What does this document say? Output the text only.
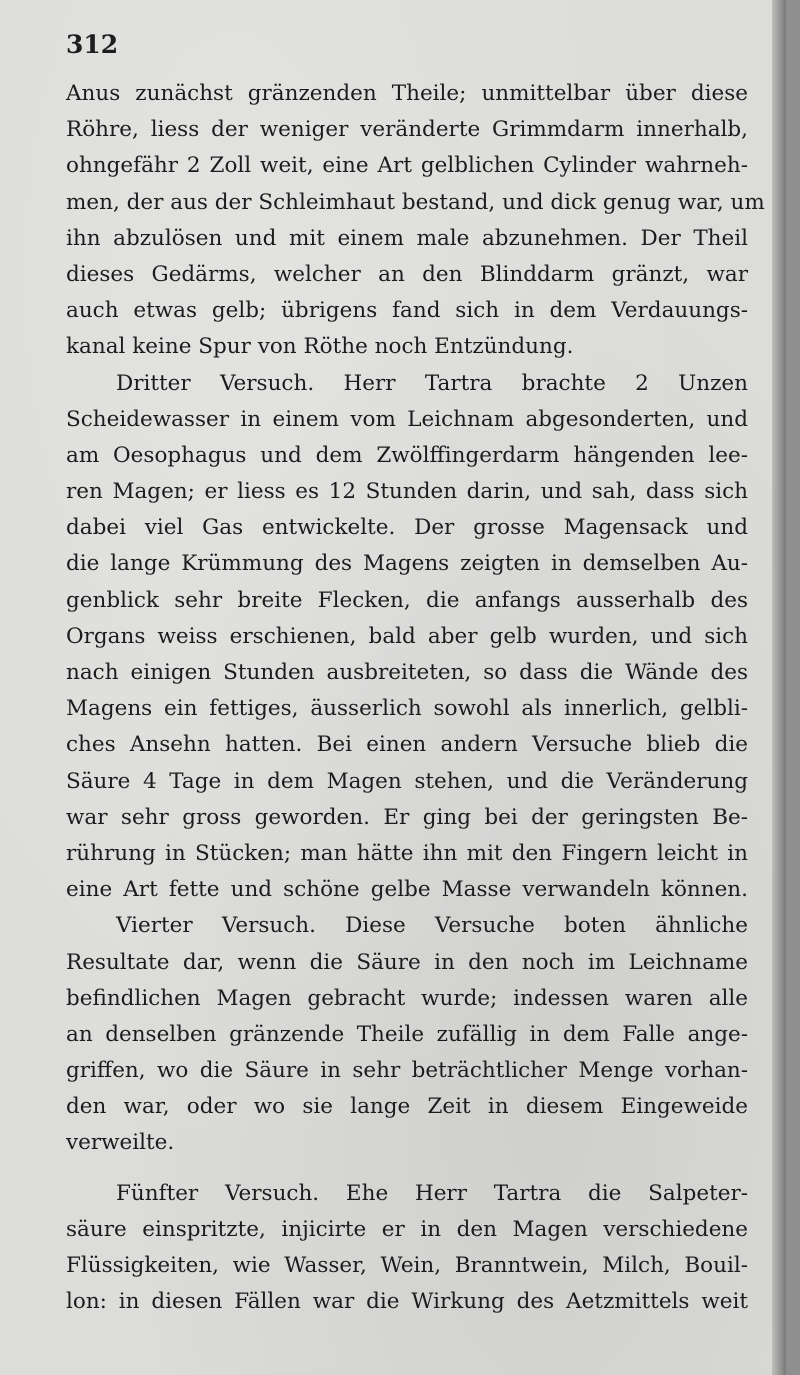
312
Anus zunächst gränzenden Theile; unmittelbar über diese
Röhre, liess der weniger veränderte Grimmdarm innerhalb,
ohngefähr 2 Zoll weit, eine Art gelblichen Cylinder wahrneh-
men, der aus der Schleimhaut bestand, und dick genug war, um
ihn abzulösen und mit einem male abzunehmen. Der Theil
dieses Gedärms, welcher an den Blinddarm gränzt, war
auch etwas gelb; übrigens fand sich in dem Verdauungs-
kanal keine Spur von Röthe noch Entzündung.
Dritter Versuch. Herr Tartra brachte 2 Unzen
Scheidewasser in einem vom Leichnam abgesonderten, und
am Oesophagus und dem Zwölffingerdarm hängenden lee-
ren Magen; er liess es 12 Stunden darin, und sah, dass sich
dabei viel Gas entwickelte. Der grosse Magensack und
die lange Krümmung des Magens zeigten in demselben Au-
genblick sehr breite Flecken, die anfangs ausserhalb des
Organs weiss erschienen, bald aber gelb wurden, und sich
nach einigen Stunden ausbreiteten, so dass die Wände des
Magens ein fettiges, äusserlich sowohl als innerlich, gelbli-
ches Ansehn hatten. Bei einen andern Versuche blieb die
Säure 4 Tage in dem Magen stehen, und die Veränderung
war sehr gross geworden. Er ging bei der geringsten Be-
rührung in Stücken; man hätte ihn mit den Fingern leicht in
eine Art fette und schöne gelbe Masse verwandeln können.
Vierter Versuch. Diese Versuche boten ähnliche
Resultate dar, wenn die Säure in den noch im Leichname
befindlichen Magen gebracht wurde; indessen waren alle
an denselben gränzende Theile zufällig in dem Falle ange-
griffen, wo die Säure in sehr beträchtlicher Menge vorhan-
den war, oder wo sie lange Zeit in diesem Eingeweide
verweilte.
Fünfter Versuch. Ehe Herr Tartra die Salpeter-
säure einspritzte, injicirte er in den Magen verschiedene
Flüssigkeiten, wie Wasser, Wein, Branntwein, Milch, Bouil-
lon: in diesen Fällen war die Wirkung des Aetzmittels weit
